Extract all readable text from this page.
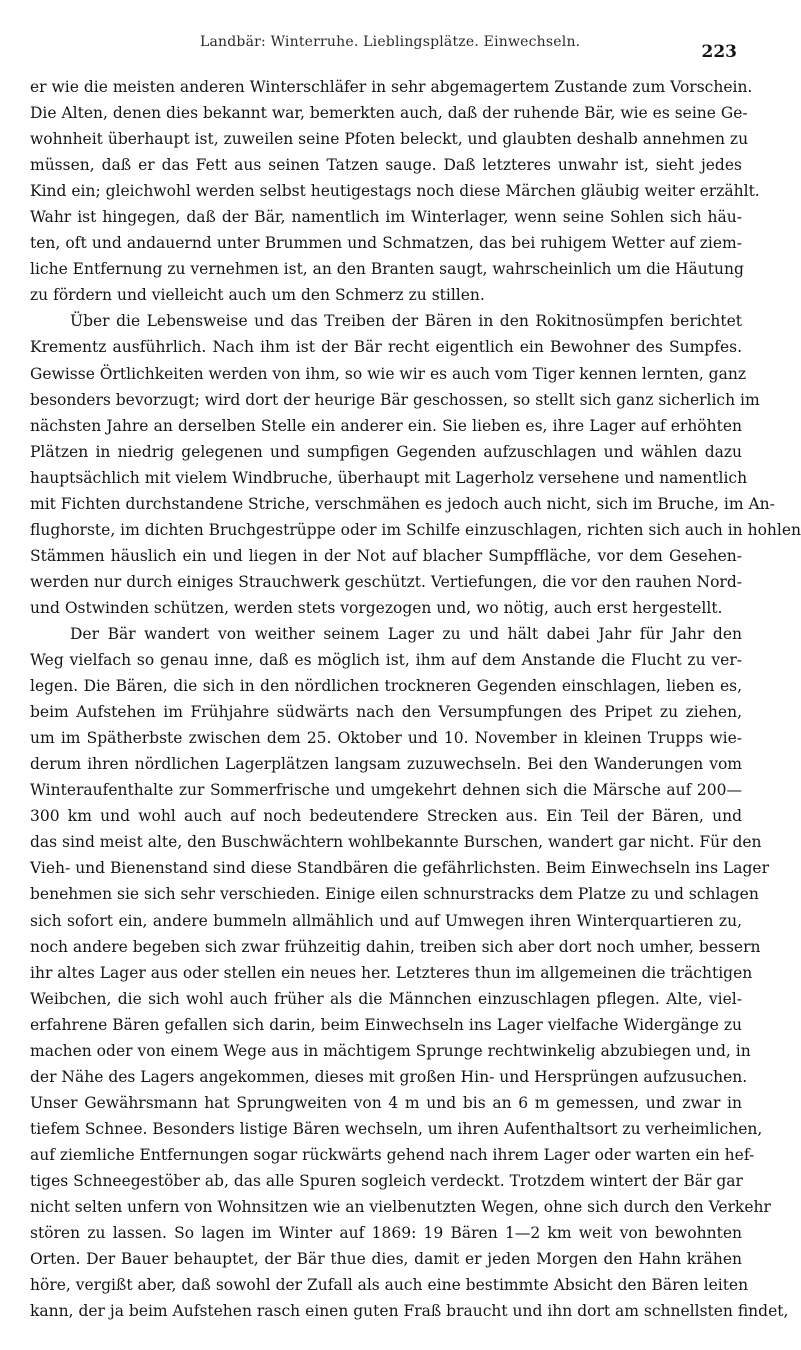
Landbär: Winterruhe. Lieblingsplätze. Einwechseln.	223
er wie die meisten anderen Winterschläfer in sehr abgemagertem Zustande zum Vorschein.
Die Alten, denen dies bekannt war, bemerkten auch, daß der ruhende Bär, wie es seine Ge-
wohnheit überhaupt ist, zuweilen seine Pfoten beleckt, und glaubten deshalb annehmen zu
müssen, daß er das Fett aus seinen Tatzen sauge. Daß letzteres unwahr ist, sieht jedes
Kind ein; gleichwohl werden selbst heutigestags noch diese Märchen gläubig weiter erzählt.
Wahr ist hingegen, daß der Bär, namentlich im Winterlager, wenn seine Sohlen sich häu-
ten, oft und andauernd unter Brummen und Schmatzen, das bei ruhigem Wetter auf ziem-
liche Entfernung zu vernehmen ist, an den Branten saugt, wahrscheinlich um die Häutung
zu fördern und vielleicht auch um den Schmerz zu stillen.
Über die Lebensweise und das Treiben der Bären in den Rokitnosümpfen berichtet
Krementz ausführlich. Nach ihm ist der Bär recht eigentlich ein Bewohner des Sumpfes.
Gewisse Örtlichkeiten werden von ihm, so wie wir es auch vom Tiger kennen lernten, ganz
besonders bevorzugt; wird dort der heurige Bär geschossen, so stellt sich ganz sicherlich im
nächsten Jahre an derselben Stelle ein anderer ein. Sie lieben es, ihre Lager auf erhöhten
Plätzen in niedrig gelegenen und sumpfigen Gegenden aufzuschlagen und wählen dazu
hauptsächlich mit vielem Windbruche, überhaupt mit Lagerholz versehene und namentlich
mit Fichten durchstandene Striche, verschmähen es jedoch auch nicht, sich im Bruche, im An-
flughorste, im dichten Bruchgestrüppe oder im Schilfe einzuschlagen, richten sich auch in hohlen
Stämmen häuslich ein und liegen in der Not auf blacher Sumpffläche, vor dem Gesehen-
werden nur durch einiges Strauchwerk geschützt. Vertiefungen, die vor den rauhen Nord-
und Ostwinden schützen, werden stets vorgezogen und, wo nötig, auch erst hergestellt.
Der Bär wandert von weither seinem Lager zu und hält dabei Jahr für Jahr den
Weg vielfach so genau inne, daß es möglich ist, ihm auf dem Anstande die Flucht zu ver-
legen. Die Bären, die sich in den nördlichen trockneren Gegenden einschlagen, lieben es,
beim Aufstehen im Frühjahre südwärts nach den Versumpfungen des Pripet zu ziehen,
um im Spätherbste zwischen dem 25. Oktober und 10. November in kleinen Trupps wie-
derum ihren nördlichen Lagerplätzen langsam zuzuwechseln. Bei den Wanderungen vom
Winteraufenthalte zur Sommerfrische und umgekehrt dehnen sich die Märsche auf 200—
300 km und wohl auch auf noch bedeutendere Strecken aus. Ein Teil der Bären, und
das sind meist alte, den Buschwächtern wohlbekannte Burschen, wandert gar nicht. Für den
Vieh- und Bienenstand sind diese Standbären die gefährlichsten. Beim Einwechseln ins Lager
benehmen sie sich sehr verschieden. Einige eilen schnurstracks dem Platze zu und schlagen
sich sofort ein, andere bummeln allmählich und auf Umwegen ihren Winterquartieren zu,
noch andere begeben sich zwar frühzeitig dahin, treiben sich aber dort noch umher, bessern
ihr altes Lager aus oder stellen ein neues her. Letzteres thun im allgemeinen die trächtigen
Weibchen, die sich wohl auch früher als die Männchen einzuschlagen pflegen. Alte, viel-
erfahrene Bären gefallen sich darin, beim Einwechseln ins Lager vielfache Widergänge zu
machen oder von einem Wege aus in mächtigem Sprunge rechtwinkelig abzubiegen und, in
der Nähe des Lagers angekommen, dieses mit großen Hin- und Hersprüngen aufzusuchen.
Unser Gewährsmann hat Sprungweiten von 4 m und bis an 6 m gemessen, und zwar in
tiefem Schnee. Besonders listige Bären wechseln, um ihren Aufenthaltsort zu verheimlichen,
auf ziemliche Entfernungen sogar rückwärts gehend nach ihrem Lager oder warten ein hef-
tiges Schneegestöber ab, das alle Spuren sogleich verdeckt. Trotzdem wintert der Bär gar
nicht selten unfern von Wohnsitzen wie an vielbenutzten Wegen, ohne sich durch den Verkehr
stören zu lassen. So lagen im Winter auf 1869: 19 Bären 1—2 km weit von bewohnten
Orten. Der Bauer behauptet, der Bär thue dies, damit er jeden Morgen den Hahn krähen
höre, vergißt aber, daß sowohl der Zufall als auch eine bestimmte Absicht den Bären leiten
kann, der ja beim Aufstehen rasch einen guten Fraß braucht und ihn dort am schnellsten findet,
